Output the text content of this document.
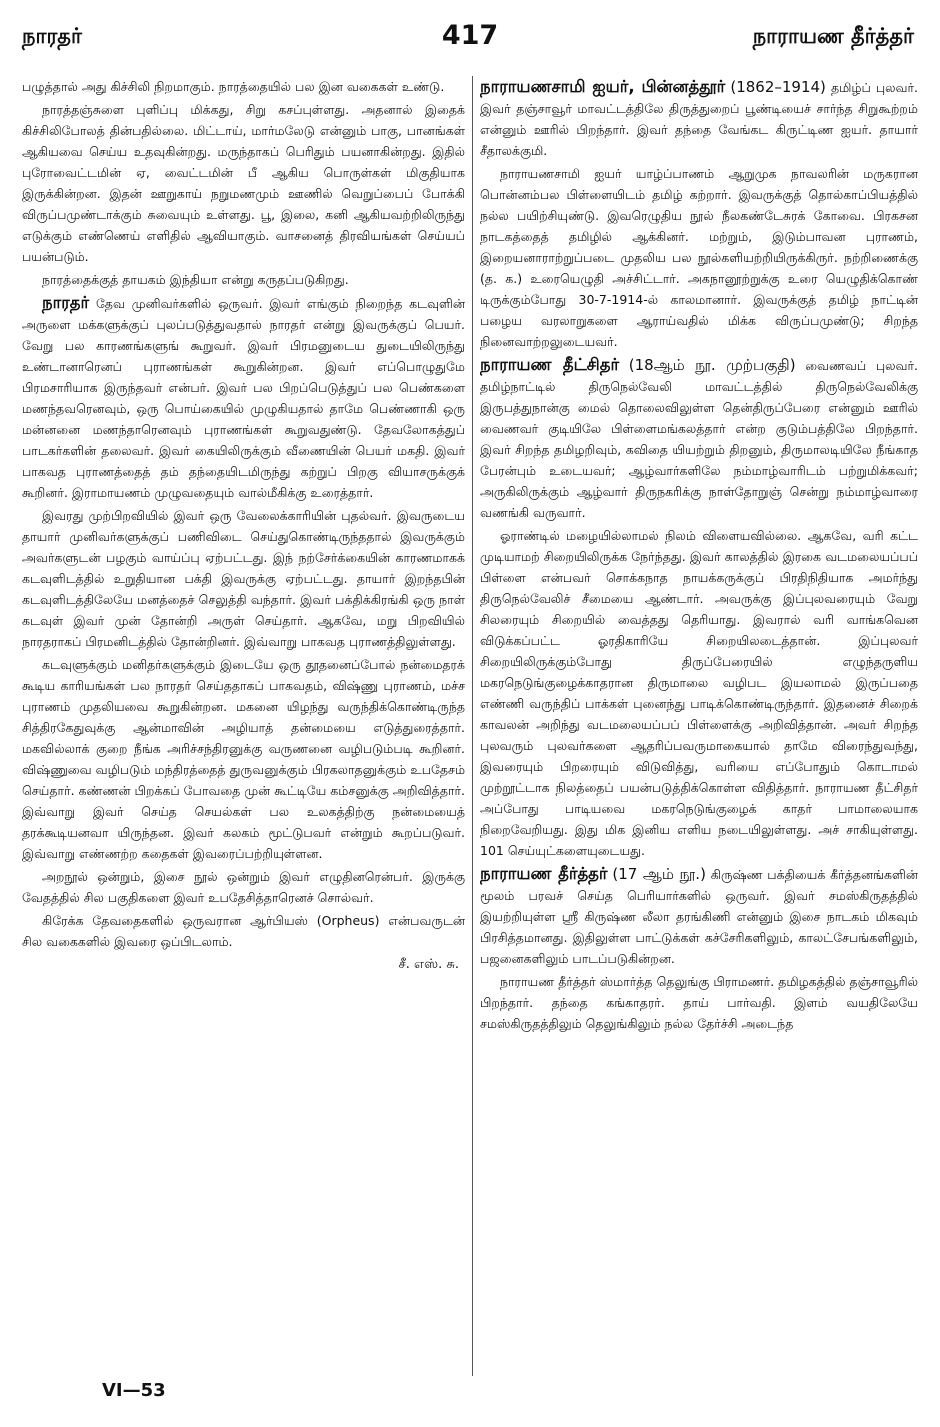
417
நாரதர்	நாராயண தீர்த்தர்

பழுத்தால் அது கிச்சிலி நிறமாகும். நாரத்தையில் பல இன வகைகள் உண்டு.

நாரத்தஞ்சுளை புளிப்பு மிக்கது, சிறு கசப்புள்ளது. அதனால் இதைக் கிச்சிலிபோலத் தின்பதில்லை. மிட்டாய், மார்மலேடு என்னும் பாகு, பானங்கள் ஆகியவை செய்ய உதவுகின்றது. மருந்தாகப் பெரிதும் பயனாகின்றது. இதில் புரோவைட்டமின் ஏ, வைட்டமின் பீ ஆகிய பொருள்கள் மிகுதியாக இருக்கின்றன. இதன் ஊறுகாய் நறுமணமும் ஊணில் வெறுப்பைப் போக்கி விருப்பமுண்டாக்கும் சுவையும் உள்ளது. பூ, இலை, கனி ஆகியவற்றிலிருந்து எடுக்கும் எண்ணெய் எளிதில் ஆவியாகும். வாசனைத் திரவியங்கள் செய்யப் பயன்படும்.

நாரத்தைக்குத் தாயகம் இந்தியா என்று கருதப்படுகிறது.

நாரதர் தேவ முனிவர்களில் ஒருவர். இவர் எங்கும் நிறைந்த கடவுளின் அருளை மக்களுக்குப் புலப்படுத்துவதால் நாரதர் என்று இவருக்குப் பெயர். வேறு பல காரணங்களுங் கூறுவர். இவர் பிரமனுடைய துடையிலிருந்து உண்டானாரெனப் புராணங்கள் கூறுகின்றன. இவர் எப்பொழுதுமே பிரமசாரியாக இருந்தவர் என்பர். இவர் பல பிறப்பெடுத்துப் பல பெண்களை மணந்தவரெனவும், ஒரு பொய்கையில் முழுகியதால் தாமே பெண்ணாகி ஒரு மன்னனை மணந்தாரெனவும் புராணங்கள் கூறுவதுண்டு. தேவலோகத்துப் பாடகர்களின் தலைவர். இவர் கையிலிருக்கும் வீணையின் பெயர் மகதி. இவர் பாகவத புராணத்தைத் தம் தந்தையிடமிருந்து கற்றுப் பிறகு வியாசருக்குக் கூறினர். இராமாயணம் முழுவதையும் வால்மீகிக்கு உரைத்தார்.

இவரது முற்பிறவியில் இவர் ஒரு வேலைக்காரியின் புதல்வர். இவருடைய தாயார் முனிவர்களுக்குப் பணிவிடை செய்துகொண்டிருந்ததால் இவருக்கும் அவர்களுடன் பழகும் வாய்ப்பு ஏற்பட்டது. இந் நற்சேர்க்கையின் காரணமாகக் கடவுளிடத்தில் உறுதியான பக்தி இவருக்கு ஏற்பட்டது. தாயார் இறந்தபின் கடவுளிடத்திலேயே மனத்தைச் செலுத்தி வந்தார். இவர் பக்திக்கிரங்கி ஒரு நாள் கடவுள் இவர் முன் தோன்றி அருள் செய்தார். ஆகவே, மறு பிறவியில் நாரதராகப் பிரமனிடத்தில் தோன்றினர். இவ்வாறு பாகவத புராணத்திலுள்ளது.

கடவுளுக்கும் மனிதர்களுக்கும் இடையே ஒரு தூதனைப்போல் நன்மைதரக் கூடிய காரியங்கள் பல நாரதர் செய்ததாகப் பாகவதம், விஷ்ணு புராணம், மச்ச புராணம் முதலியவை கூறுகின்றன. மகனை யிழந்து வருந்திக்கொண்டிருந்த சித்திரகேதுவுக்கு ஆன்மாவின் அழியாத் தன்மையை எடுத்துரைத்தார். மகவில்லாக் குறை நீங்க அரிச்சந்திரனுக்கு வருணனை வழிபடும்படி கூறினர். விஷ்ணுவை வழிபடும் மந்திரத்தைத் துருவனுக்கும் பிரகலாதனுக்கும் உபதேசம் செய்தார். கண்ணன் பிறக்கப் போவதை முன் கூட்டியே கம்சனுக்கு அறிவித்தார். இவ்வாறு இவர் செய்த செயல்கள் பல உலகத்திற்கு நன்மையைத் தரக்கூடியனவா யிருந்தன. இவர் கலகம் மூட்டுபவர் என்றும் கூறப்படுவர். இவ்வாறு எண்ணற்ற கதைகள் இவரைப்பற்றியுள்ளன.

அறநூல் ஒன்றும், இசை நூல் ஒன்றும் இவர் எழுதினரென்பர். இருக்கு வேதத்தில் சில பகுதிகளை இவர் உபதேசித்தாரெனச் சொல்வர்.

கிரேக்க தேவதைகளில் ஒருவரான ஆர்பியஸ் (Orpheus) என்பவருடன் சில வகைகளில் இவரை ஒப்பிடலாம்.

சீ. எஸ். சு.

நாராயணசாமி ஐயர், பின்னத்தூர் (1862–1914) தமிழ்ப் புலவர். இவர் தஞ்சாவூர் மாவட்டத்திலே திருத்துறைப் பூண்டியைச் சார்ந்த சிறுகூற்றம் என்னும் ஊரில் பிறந்தார். இவர் தந்தை வேங்கட கிருட்டிண ஐயர். தாயார் சீதாலக்குமி.

நாராயணசாமி ஐயர் யாழ்ப்பாணம் ஆறுமுக நாவலரின் மருகரான பொன்னம்பல பிள்ளையிடம் தமிழ் கற்றார். இவருக்குத் தொல்காப்பியத்தில் நல்ல பயிற்சியுண்டு. இவரெழுதிய நூல் நீலகண்டேசுரக் கோவை. பிரகசன நாடகத்தைத் தமிழில் ஆக்கினர். மற்றும், இடும்பாவன புராணம், இறையனாராற்றுப்படை முதலிய பல நூல்களியற்றியிருக்கிருர். நற்றிணைக்கு (த. க.) உரையெழுதி அச்சிட்டார். அகநானூற்றுக்கு உரை யெழுதிக்கொண் டிருக்கும்போது 30-7-1914-ல் காலமானார். இவருக்குத் தமிழ் நாட்டின் பழைய வரலாறுகளை ஆராய்வதில் மிக்க விருப்பமுண்டு; சிறந்த நினைவாற்றலுடையவர்.

நாராயண தீட்சிதர் (18ஆம் நூ. முற்பகுதி) வைணவப் புலவர். தமிழ்நாட்டில் திருநெல்வேலி மாவட்டத்தில் திருநெல்வேலிக்கு இருபத்துநான்கு மைல் தொலைவிலுள்ள தென்திருப்பேரை என்னும் ஊரில் வைணவர் குடியிலே பிள்ளைமங்கலத்தார் என்ற குடும்பத்திலே பிறந்தார். இவர் சிறந்த தமிழறிவும், கவிதை யியற்றும் திறனும், திருமாலடியிலே நீங்காத பேரன்பும் உடையவர்; ஆழ்வார்களிலே நம்மாழ்வாரிடம் பற்றுமிக்கவர்; அருகிலிருக்கும் ஆழ்வார் திருநகரிக்கு நாள்தோறுஞ் சென்று நம்மாழ்வாரை வணங்கி வருவார்.

ஓராண்டில் மழையில்லாமல் நிலம் விளையவில்லை. ஆகவே, வரி கட்ட முடியாமற் சிறையிலிருக்க நேர்ந்தது. இவர் காலத்தில் இரகை வடமலையப்பப் பிள்ளை என்பவர் சொக்கநாத நாயக்கருக்குப் பிரதிநிதியாக அமர்ந்து திருநெல்வேலிச் சீமையை ஆண்டார். அவருக்கு இப்புலவரையும் வேறு சிலரையும் சிறையில் வைத்தது தெரியாது. இவரால் வரி வாங்கவென விடுக்கப்பட்ட ஓரதிகாரியே சிறையிலடைத்தான். இப்புலவர் சிறையிலிருக்கும்போது திருப்பேரையில் எழுந்தருளிய மகரநெடுங்குழைக்காதரான திருமாலை வழிபட இயலாமல் இருப்பதை எண்ணி வருந்திப் பாக்கள் புனைந்து பாடிக்கொண்டிருந்தார். இதனைச் சிறைக் காவலன் அறிந்து வடமலையப்பப் பிள்ளைக்கு அறிவித்தான். அவர் சிறந்த புலவரும் புலவர்களை ஆதரிப்பவருமாகையால் தாமே விரைந்துவந்து, இவரையும் பிறரையும் விடுவித்து, வரியை எப்போதும் கொடாமல் முற்றூட்டாக நிலத்தைப் பயன்படுத்திக்கொள்ள விதித்தார். நாராயண தீட்சிதர் அப்போது பாடியவை மகரநெடுங்குழைக் காதர் பாமாலையாக நிறைவேறியது. இது மிக இனிய எளிய நடையிலுள்ளது. அச் சாகியுள்ளது. 101 செய்யுட்களையுடையது.

நாராயண தீர்த்தர் (17 ஆம் நூ.) கிருஷ்ண பக்தியைக் கீர்த்தனங்களின் மூலம் பரவச் செய்த பெரியார்களில் ஒருவர். இவர் சமஸ்கிருதத்தில் இயற்றியுள்ள ஸ்ரீ கிருஷ்ண லீலா தரங்கிணி என்னும் இசை நாடகம் மிகவும் பிரசித்தமானது. இதிலுள்ள பாட்டுக்கள் கச்சேரிகளிலும், காலட்சேபங்களிலும், பஜனைகளிலும் பாடப்படுகின்றன.

நாராயண தீர்த்தர் ஸ்மார்த்த தெலுங்கு பிராமணர். தமிழகத்தில் தஞ்சாவூரில் பிறந்தார். தந்தை கங்காதரர். தாய் பார்வதி. இளம் வயதிலேயே சமஸ்கிருதத்திலும் தெலுங்கிலும் நல்ல தேர்ச்சி அடைந்த

VI—53
